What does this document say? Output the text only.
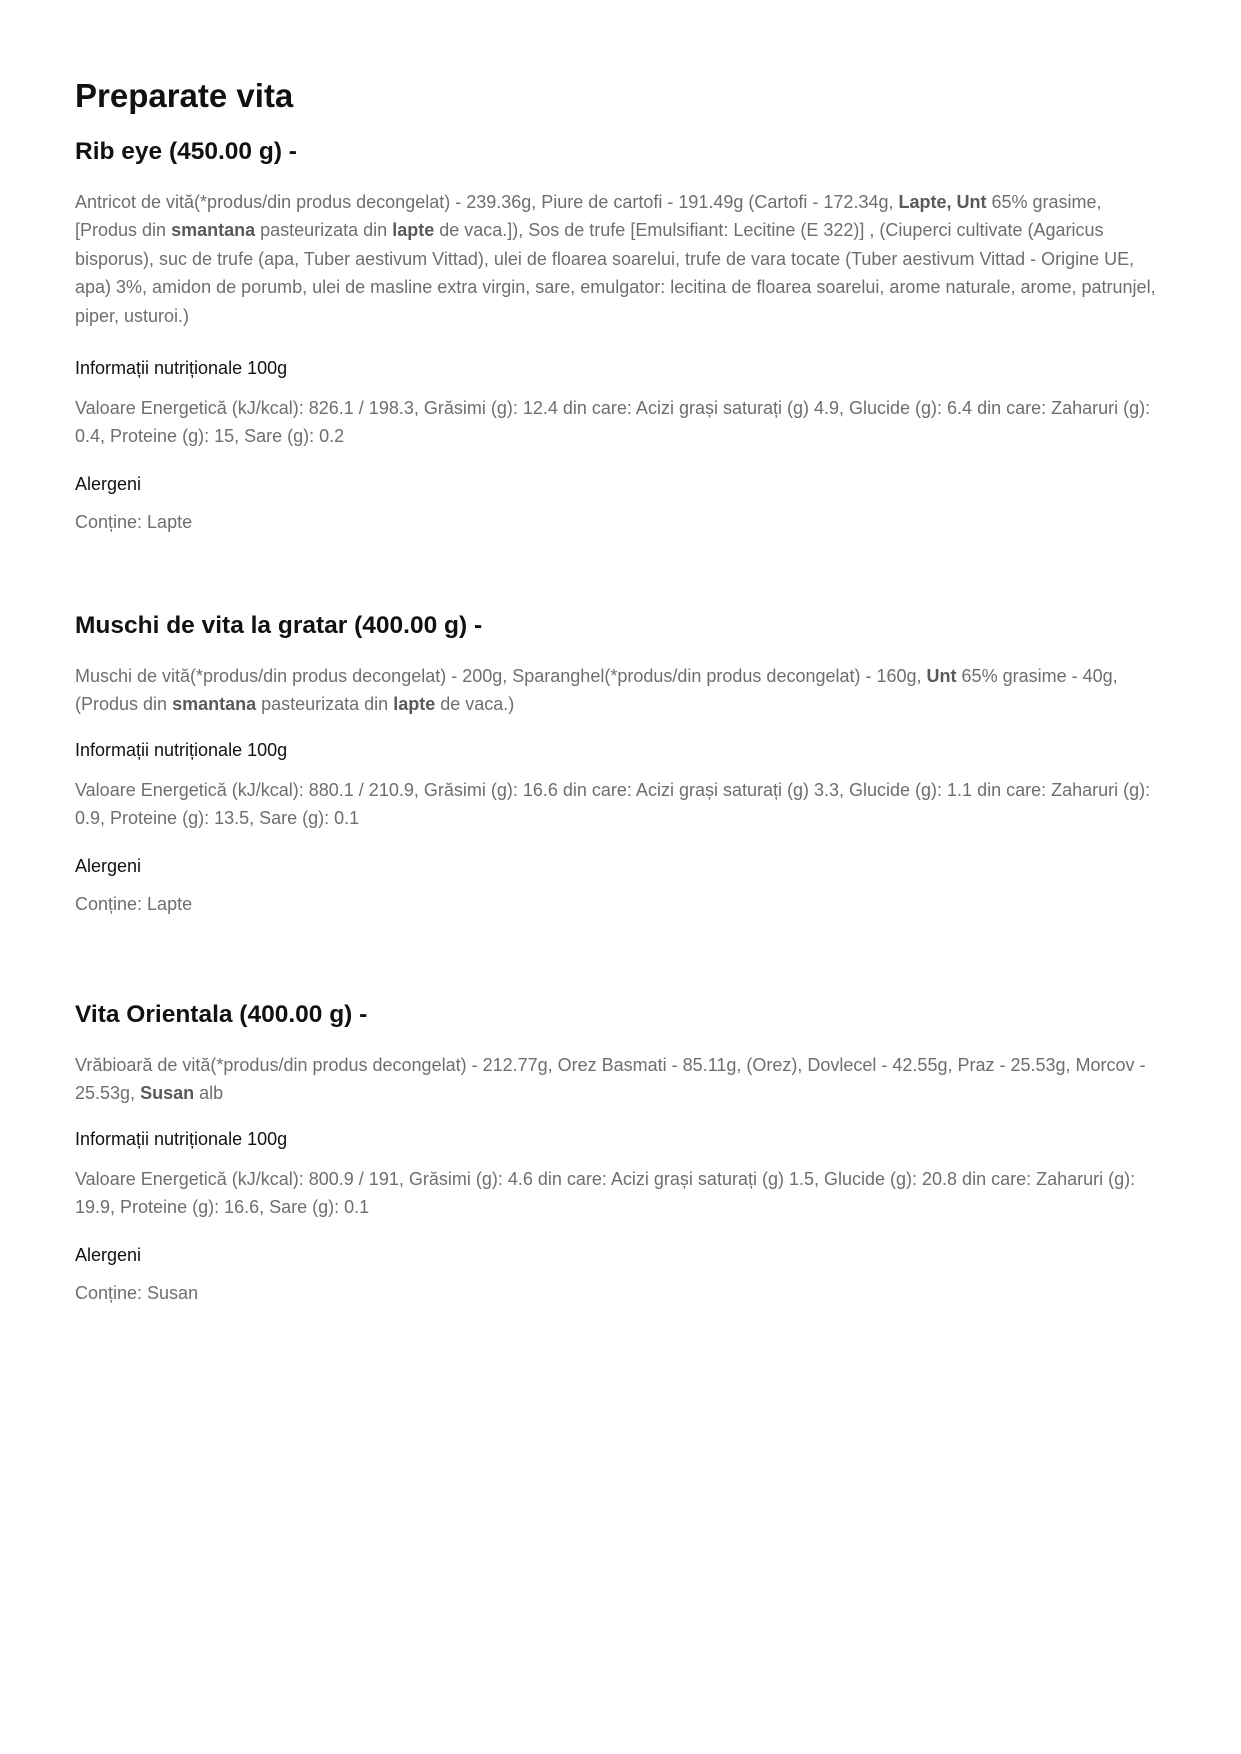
Preparate vita
Rib eye (450.00 g) -

Antricot de vită(*produs/din produs decongelat) - 239.36g, Piure de cartofi - 191.49g (Cartofi - 172.34g, Lapte, Unt 65% grasime, [Produs din smantana pasteurizata din lapte de vaca.]), Sos de trufe [Emulsifiant: Lecitine (E 322)] , (Ciuperci cultivate (Agaricus bisporus), suc de trufe (apa, Tuber aestivum Vittad), ulei de floarea soarelui, trufe de vara tocate (Tuber aestivum Vittad - Origine UE, apa) 3%, amidon de porumb, ulei de masline extra virgin, sare, emulgator: lecitina de floarea soarelui, arome naturale, arome, patrunjel, piper, usturoi.)

Informații nutriționale 100g

Valoare Energetică (kJ/kcal): 826.1 / 198.3, Grăsimi (g): 12.4 din care: Acizi grași saturați (g) 4.9, Glucide (g): 6.4 din care: Zaharuri (g): 0.4, Proteine (g): 15, Sare (g): 0.2

Alergeni

Conține: Lapte

Muschi de vita la gratar (400.00 g) -

Muschi de vită(*produs/din produs decongelat) - 200g, Sparanghel(*produs/din produs decongelat) - 160g, Unt 65% grasime - 40g, (Produs din smantana pasteurizata din lapte de vaca.)

Informații nutriționale 100g

Valoare Energetică (kJ/kcal): 880.1 / 210.9, Grăsimi (g): 16.6 din care: Acizi grași saturați (g) 3.3, Glucide (g): 1.1 din care: Zaharuri (g): 0.9, Proteine (g): 13.5, Sare (g): 0.1

Alergeni

Conține: Lapte

Vita Orientala (400.00 g) -

Vrăbioară de vită(*produs/din produs decongelat) - 212.77g, Orez Basmati - 85.11g, (Orez), Dovlecel - 42.55g, Praz - 25.53g, Morcov - 25.53g, Susan alb

Informații nutriționale 100g

Valoare Energetică (kJ/kcal): 800.9 / 191, Grăsimi (g): 4.6 din care: Acizi grași saturați (g) 1.5, Glucide (g): 20.8 din care: Zaharuri (g): 19.9, Proteine (g): 16.6, Sare (g): 0.1

Alergeni

Conține: Susan
